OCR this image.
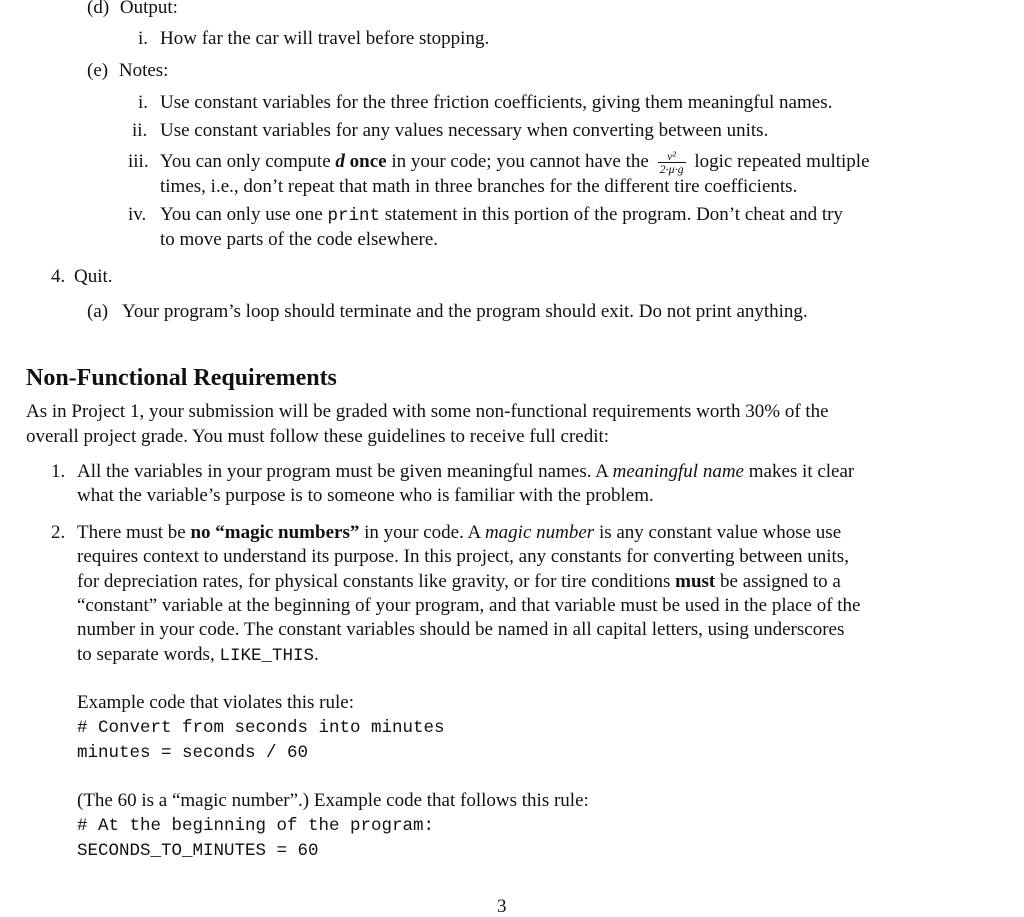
(d) Output:
i. How far the car will travel before stopping.
(e) Notes:
i. Use constant variables for the three friction coefficients, giving them meaningful names.
ii. Use constant variables for any values necessary when converting between units.
iii. You can only compute d once in your code; you cannot have the $\frac{\text{v²}}{2\cdot\mu\cdot g}$ logic repeated multiple
times, i.e., don’t repeat that math in three branches for the different tire coefficients.
iv. You can only use one print statement in this portion of the program. Don’t cheat and try
to move parts of the code elsewhere.
4. Quit.
(a) Your program’s loop should terminate and the program should exit. Do not print anything.
Non-Functional Requirements
As in Project 1, your submission will be graded with some non-functional requirements worth 30% of the
overall project grade. You must follow these guidelines to receive full credit:
1. All the variables in your program must be given meaningful names. A meaningful name makes it clear
what the variable’s purpose is to someone who is familiar with the problem.
2. There must be no “magic numbers” in your code. A magic number is any constant value whose use
requires context to understand its purpose. In this project, any constants for converting between units,
for depreciation rates, for physical constants like gravity, or for tire conditions must be assigned to a
“constant” variable at the beginning of your program, and that variable must be used in the place of the
number in your code. The constant variables should be named in all capital letters, using underscores
to separate words, LIKE_THIS.
Example code that violates this rule:
# Convert from seconds into minutes
minutes = seconds / 60
(The 60 is a “magic number”.) Example code that follows this rule:
# At the beginning of the program:
SECONDS_TO_MINUTES = 60
3
